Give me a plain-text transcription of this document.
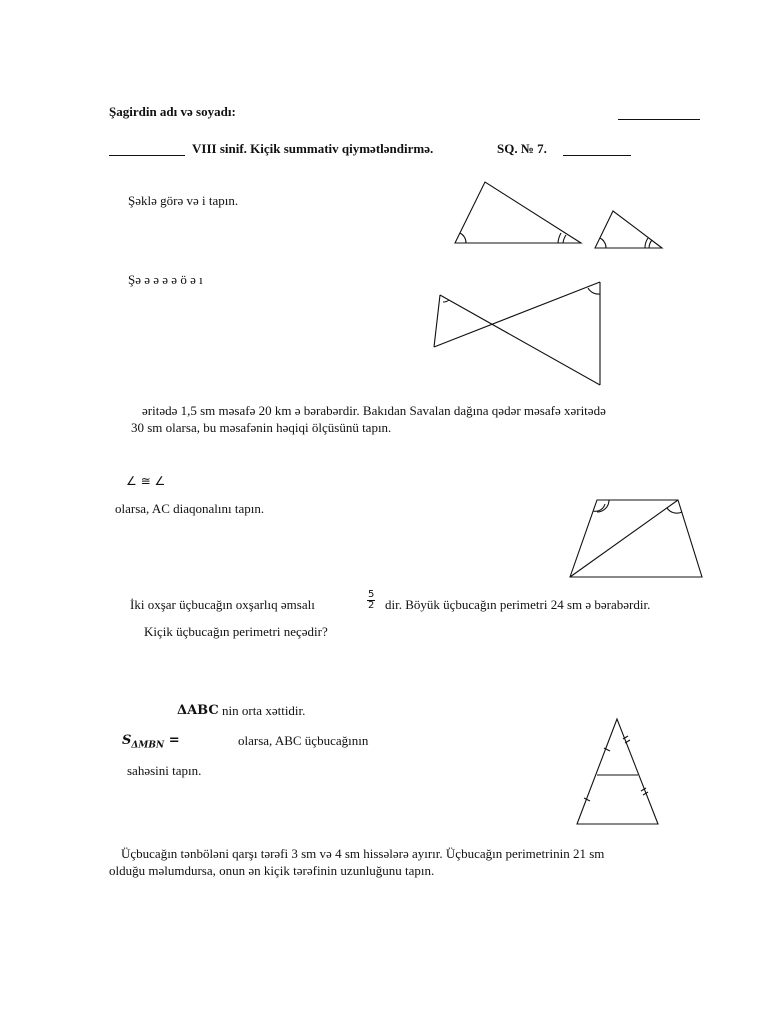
Şagirdin adı və soyadı:
VIII sinif. Kiçik summativ qiymətləndirmə.	SQ. № 7.
Şəklə görə və i tapın.
Şə ə ə ə ə ö ə ı
əritədə 1,5 sm məsafə 20 km ə bərabərdir. Bakıdan Savalan dağına qədər məsafə xəritədə
30 sm olarsa, bu məsafənin həqiqi ölçüsünü tapın.
∠ ≅ ∠
olarsa, AC diaqonalını tapın.
İki oxşar üçbucağın oxşarlıq əmsalı	$\frac{5}{2}$ dir. Böyük üçbucağın perimetri 24 sm ə bərabərdir.
Kiçik üçbucağın perimetri neçədir?
ΔABC nin orta xəttidir.
$S_{\Delta MBN}$ =	olarsa, ABC üçbucağının
sahəsini tapın.
Üçbucağın tənböləni qarşı tərəfi 3 sm və 4 sm hissələrə ayırır. Üçbucağın perimetrinin 21 sm
olduğu məlumdursa, onun ən kiçik tərəfinin uzunluğunu tapın.
